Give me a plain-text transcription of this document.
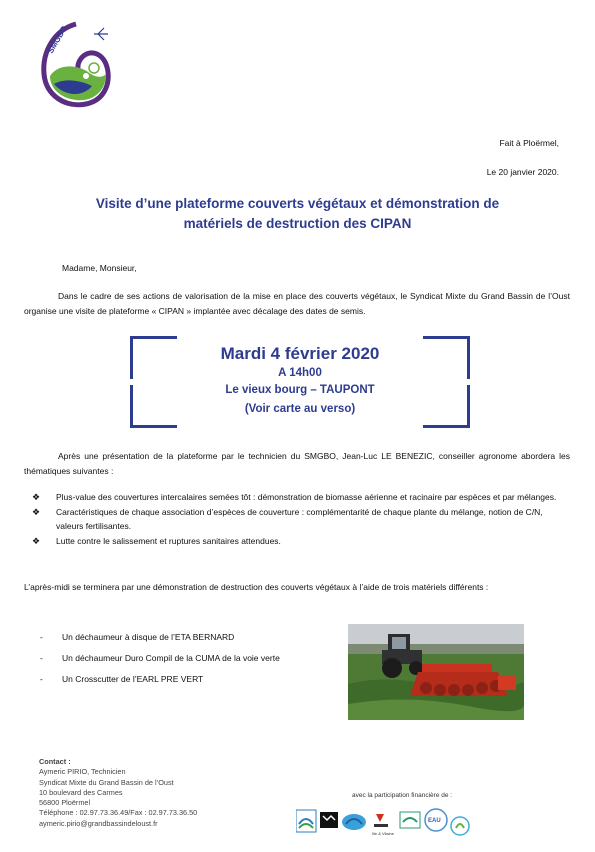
SMGBO
Fait à Ploërmel,
Le 20 janvier 2020.
Visite d’une plateforme couverts végétaux et démonstration de
matériels de destruction des CIPAN
Madame, Monsieur,
Dans le cadre de ses actions de valorisation de la mise en place des couverts végétaux, le Syndicat Mixte du Grand Bassin de l’Oust organise une visite de plateforme « CIPAN » implantée avec décalage des dates de semis.
Mardi 4 février 2020
A 14h00
Le vieux bourg – TAUPONT
(Voir carte au verso)
Après une présentation de la plateforme par le technicien du SMGBO, Jean-Luc LE BENEZIC, conseiller agronome abordera les thématiques suivantes :
❖	Plus-value des couvertures intercalaires semées tôt : démonstration de biomasse aérienne et racinaire par espèces et par mélanges.
❖	Caractéristiques de chaque association d’espèces de couverture : complémentarité de chaque plante du mélange, notion de C/N, valeurs fertilisantes.
❖	Lutte contre le salissement et ruptures sanitaires attendues.
L’après-midi se terminera par une démonstration de destruction des couverts végétaux à l’aide de trois matériels différents :
- Un déchaumeur à disque de l’ETA BERNARD
- Un déchaumeur Duro Compil de la CUMA de la voie verte
- Un Crosscutter de l’EARL PRE VERT
Contact :
Aymeric PIRIO, Technicien
Syndicat Mixte du Grand Bassin de l’Oust
10 boulevard des Carmes
56800 Ploërmel
Téléphone : 02.97.73.36.49/Fax : 02.97.73.36.50
aymeric.pirio@grandbassindeloust.fr
avec la participation financière de :
Ille & Vilaine
EAU
